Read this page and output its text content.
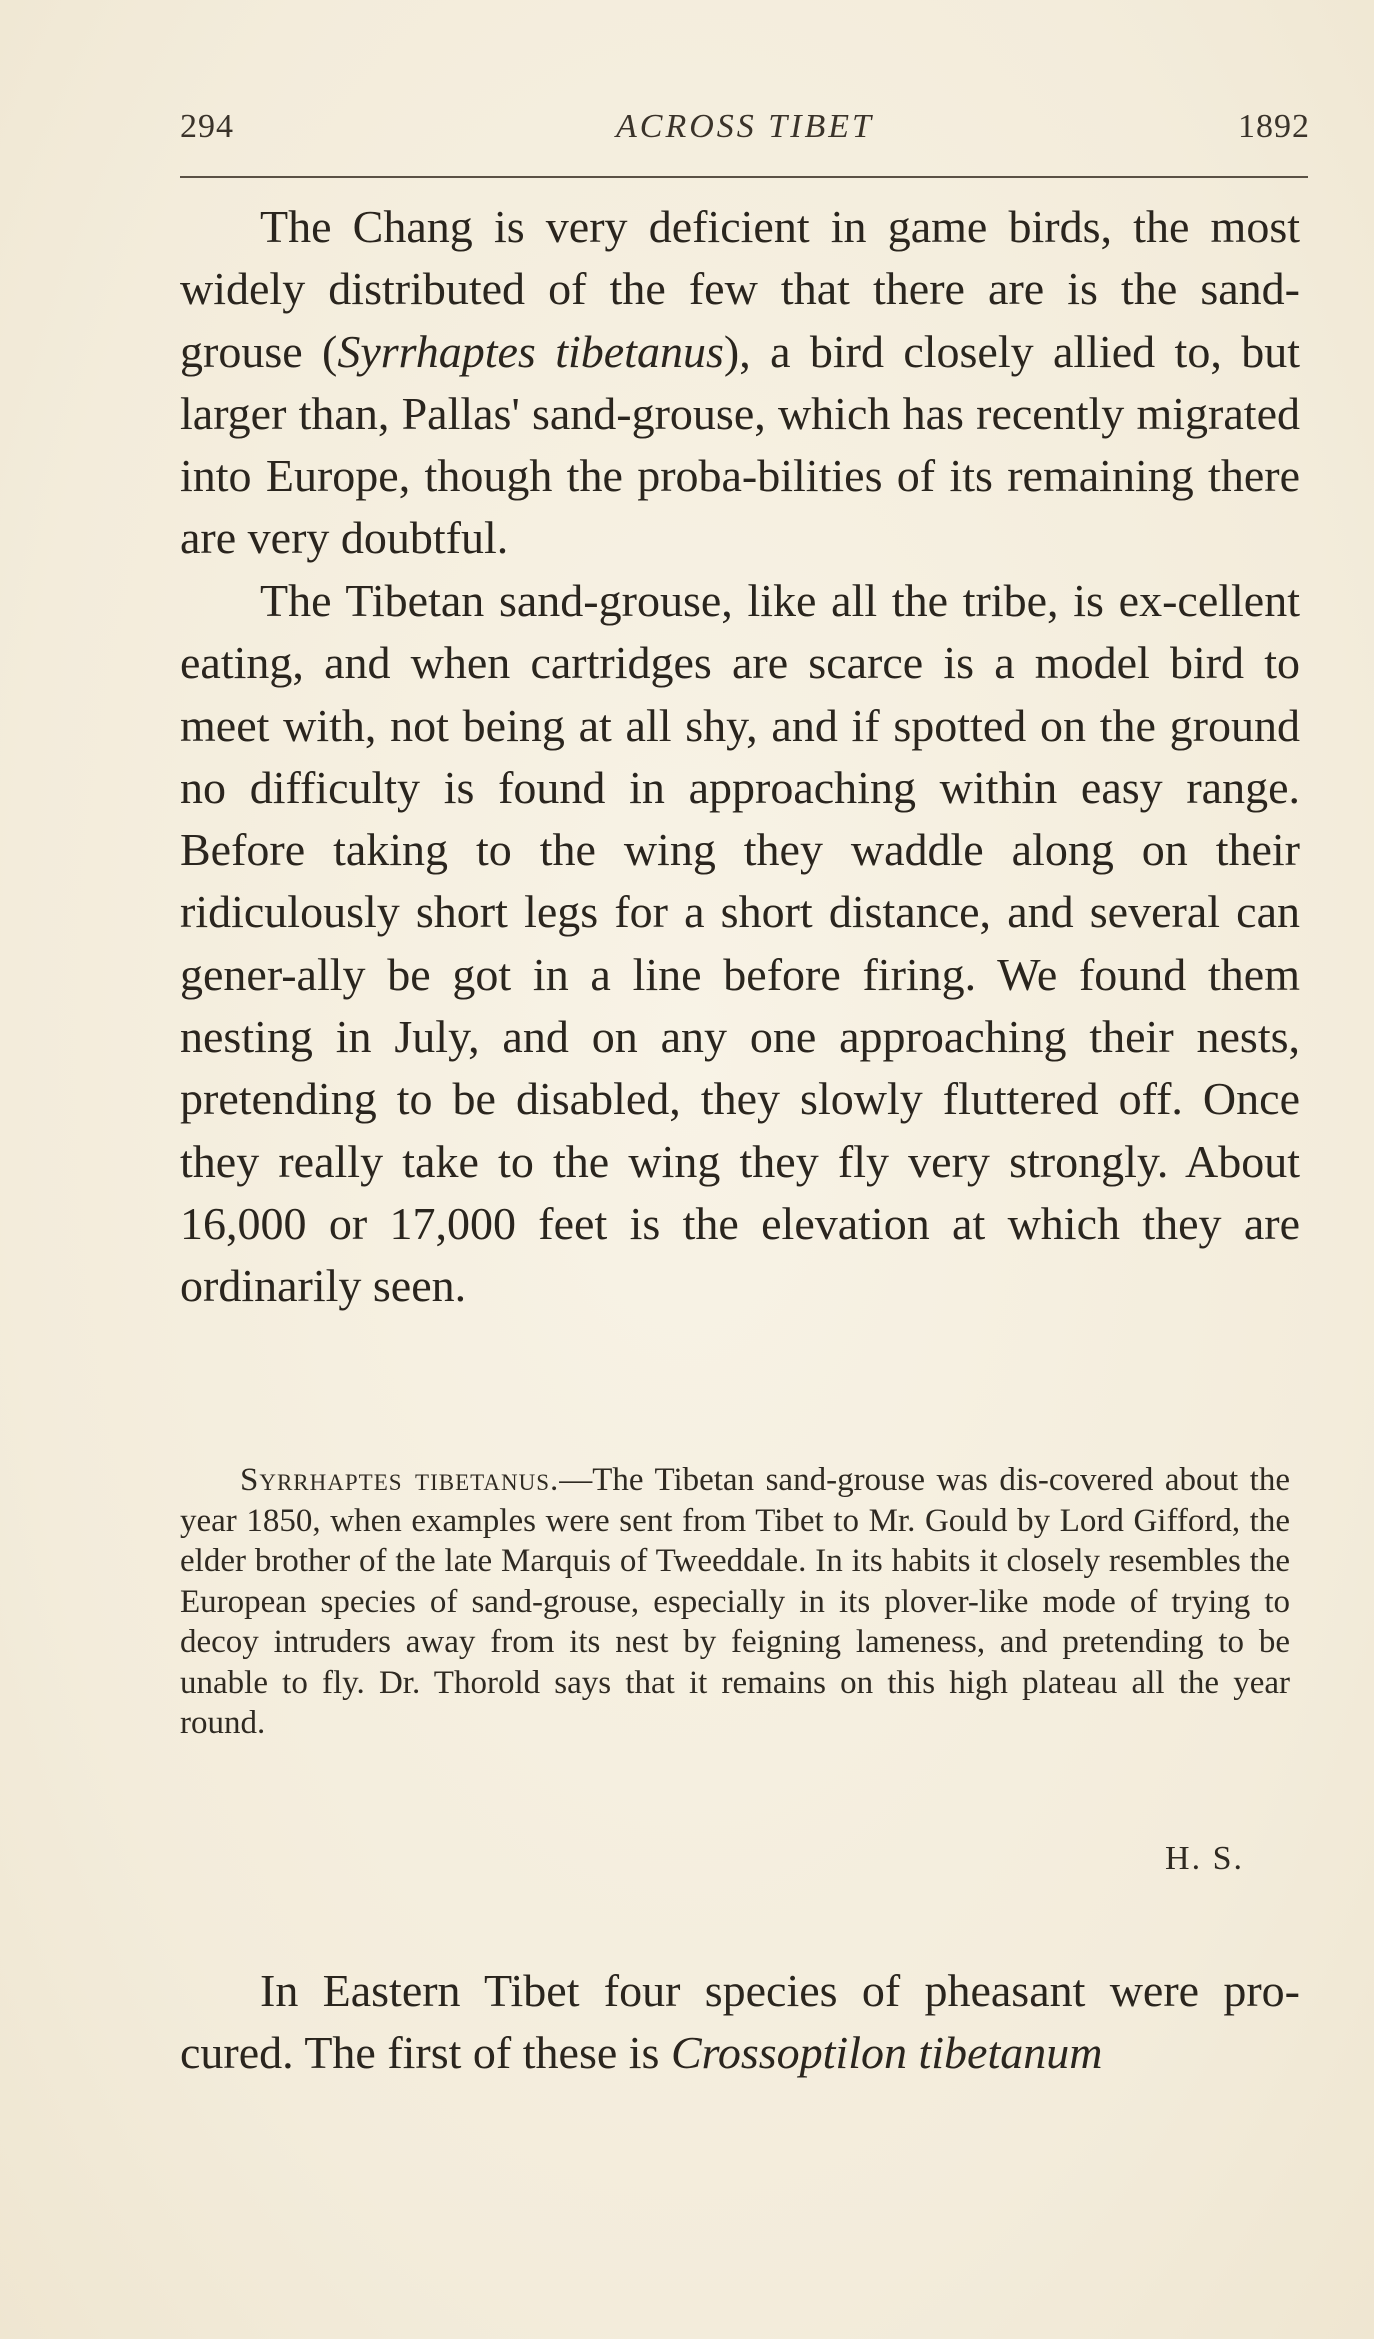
294	ACROSS TIBET	1892

The Chang is very deficient in game birds, the most widely distributed of the few that there are is the sand-grouse (Syrrhaptes tibetanus), a bird closely allied to, but larger than, Pallas' sand-grouse, which has recently migrated into Europe, though the proba-bilities of its remaining there are very doubtful.

The Tibetan sand-grouse, like all the tribe, is ex-cellent eating, and when cartridges are scarce is a model bird to meet with, not being at all shy, and if spotted on the ground no difficulty is found in approaching within easy range. Before taking to the wing they waddle along on their ridiculously short legs for a short distance, and several can gener-ally be got in a line before firing. We found them nesting in July, and on any one approaching their nests, pretending to be disabled, they slowly fluttered off. Once they really take to the wing they fly very strongly. About 16,000 or 17,000 feet is the elevation at which they are ordinarily seen.

Syrrhaptes tibetanus.—The Tibetan sand-grouse was dis-covered about the year 1850, when examples were sent from Tibet to Mr. Gould by Lord Gifford, the elder brother of the late Marquis of Tweeddale. In its habits it closely resembles the European species of sand-grouse, especially in its plover-like mode of trying to decoy intruders away from its nest by feigning lameness, and pretending to be unable to fly. Dr. Thorold says that it remains on this high plateau all the year round.

H. S.

In Eastern Tibet four species of pheasant were pro-cured. The first of these is Crossoptilon tibetanum
